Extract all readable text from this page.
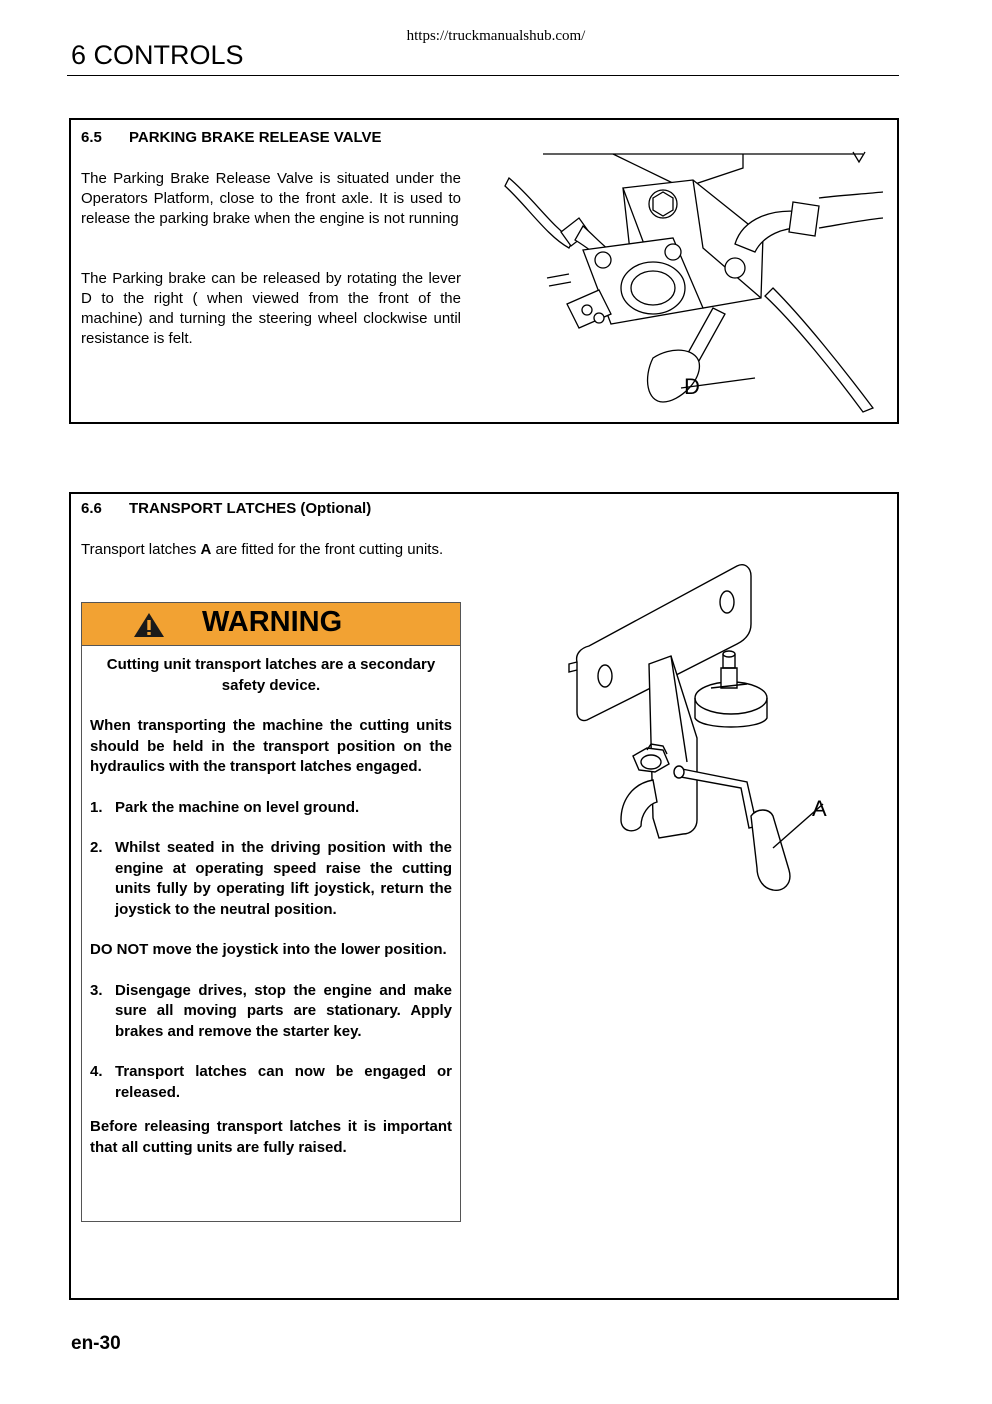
https://truckmanualshub.com/
6 CONTROLS
6.5 PARKING BRAKE RELEASE VALVE

The Parking Brake Release Valve is situated under the Operators Platform, close to the front axle. It is used to release the parking brake when the engine is not running

The Parking brake can be released by rotating the lever D to the right ( when viewed from the front of the machine) and turning the steering wheel clockwise until resistance is felt.

D
6.6 TRANSPORT LATCHES (Optional)

Transport latches A are fitted for the front cutting units.

WARNING

Cutting unit transport latches are a secondary safety device.

When transporting the machine the cutting units should be held in the transport position on the hydraulics with the transport latches engaged.

1. Park the machine on level ground.
2. Whilst seated in the driving position with the engine at operating speed raise the cutting units fully by operating lift joystick, return the joystick to the neutral position.

DO NOT move the joystick into the lower position.

3. Disengage drives, stop the engine and make sure all moving parts are stationary. Apply brakes and remove the starter key.
4. Transport latches can now be engaged or released.

Before releasing transport latches it is important that all cutting units are fully raised.

A
en-30
